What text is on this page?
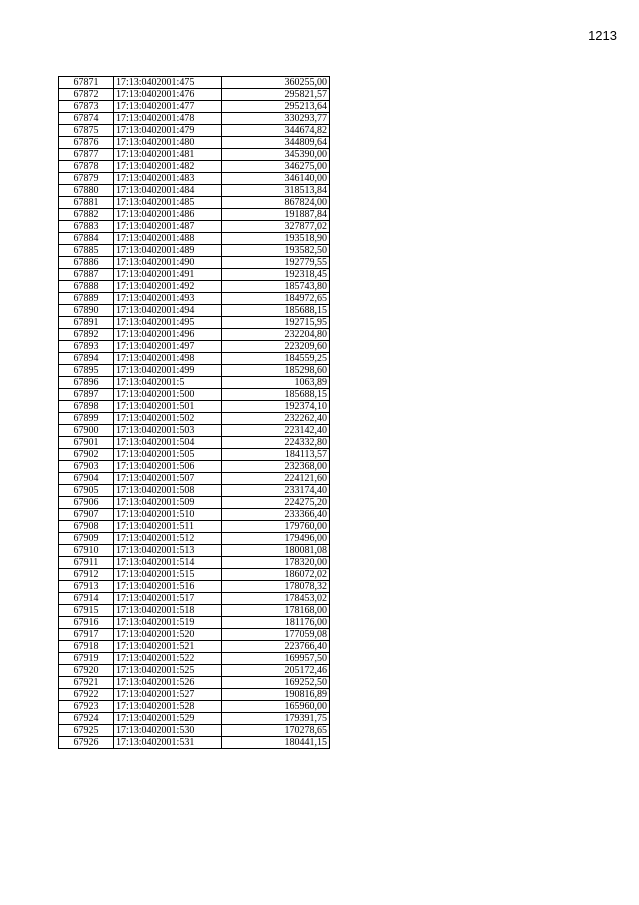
1213
67871	17:13:0402001:475	360255,00
67872	17:13:0402001:476	295821,57
67873	17:13:0402001:477	295213,64
67874	17:13:0402001:478	330293,77
67875	17:13:0402001:479	344674,82
67876	17:13:0402001:480	344809,64
67877	17:13:0402001:481	345390,00
67878	17:13:0402001:482	346275,00
67879	17:13:0402001:483	346140,00
67880	17:13:0402001:484	318513,84
67881	17:13:0402001:485	867824,00
67882	17:13:0402001:486	191887,84
67883	17:13:0402001:487	327877,02
67884	17:13:0402001:488	193518,90
67885	17:13:0402001:489	193582,50
67886	17:13:0402001:490	192779,55
67887	17:13:0402001:491	192318,45
67888	17:13:0402001:492	185743,80
67889	17:13:0402001:493	184972,65
67890	17:13:0402001:494	185688,15
67891	17:13:0402001:495	192715,95
67892	17:13:0402001:496	232204,80
67893	17:13:0402001:497	223209,60
67894	17:13:0402001:498	184559,25
67895	17:13:0402001:499	185298,60
67896	17:13:0402001:5	1063,89
67897	17:13:0402001:500	185688,15
67898	17:13:0402001:501	192374,10
67899	17:13:0402001:502	232262,40
67900	17:13:0402001:503	223142,40
67901	17:13:0402001:504	224332,80
67902	17:13:0402001:505	184113,57
67903	17:13:0402001:506	232368,00
67904	17:13:0402001:507	224121,60
67905	17:13:0402001:508	233174,40
67906	17:13:0402001:509	224275,20
67907	17:13:0402001:510	233366,40
67908	17:13:0402001:511	179760,00
67909	17:13:0402001:512	179496,00
67910	17:13:0402001:513	180081,08
67911	17:13:0402001:514	178320,00
67912	17:13:0402001:515	186072,02
67913	17:13:0402001:516	178078,32
67914	17:13:0402001:517	178453,02
67915	17:13:0402001:518	178168,00
67916	17:13:0402001:519	181176,00
67917	17:13:0402001:520	177059,08
67918	17:13:0402001:521	223766,40
67919	17:13:0402001:522	169957,50
67920	17:13:0402001:525	205172,46
67921	17:13:0402001:526	169252,50
67922	17:13:0402001:527	190816,89
67923	17:13:0402001:528	165960,00
67924	17:13:0402001:529	179391,75
67925	17:13:0402001:530	170278,65
67926	17:13:0402001:531	180441,15
